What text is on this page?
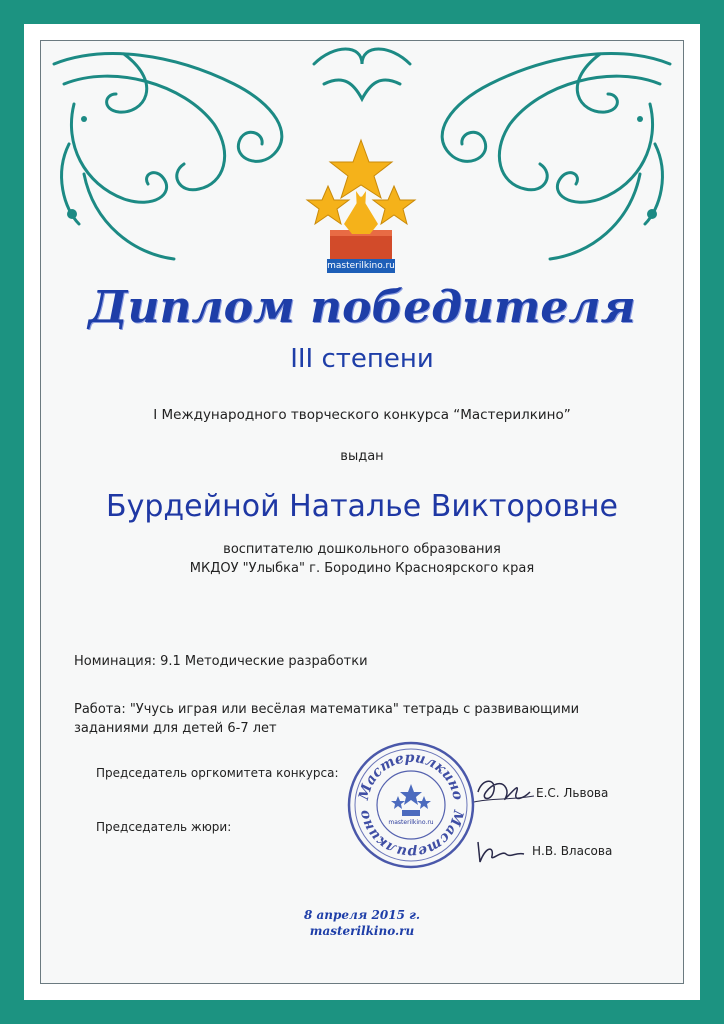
masterilkino.ru
Диплом победителя
III степени
I Международного творческого конкурса “Мастерилкино”
выдан
Бурдейной Наталье Викторовне
воспитателю дошкольного образования
МКДОУ "Улыбка" г. Бородино Красноярского края
Номинация: 9.1 Методические разработки
Работа: "Учусь играя или весёлая математика" тетрадь с развивающими заданиями для детей 6-7 лет
Председатель оргкомитета конкурса:
Е.С. Львова
Председатель жюри:
Н.В. Власова
Мастерилкино
Мастерилкино
masterilkino.ru
8 апреля 2015 г.
masterilkino.ru
